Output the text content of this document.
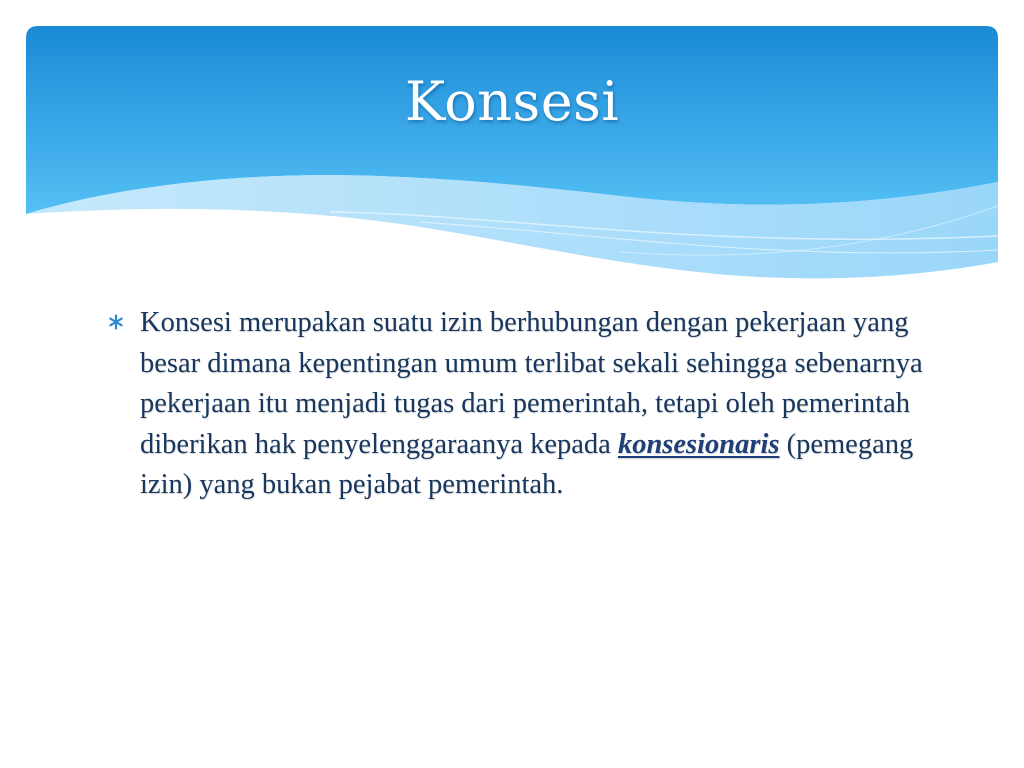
Konsesi
Konsesi merupakan suatu izin berhubungan dengan pekerjaan yang besar dimana kepentingan umum terlibat sekali sehingga sebenarnya pekerjaan itu menjadi tugas dari pemerintah, tetapi oleh pemerintah diberikan hak penyelenggaraanya kepada konsesionaris (pemegang izin) yang bukan pejabat pemerintah.
